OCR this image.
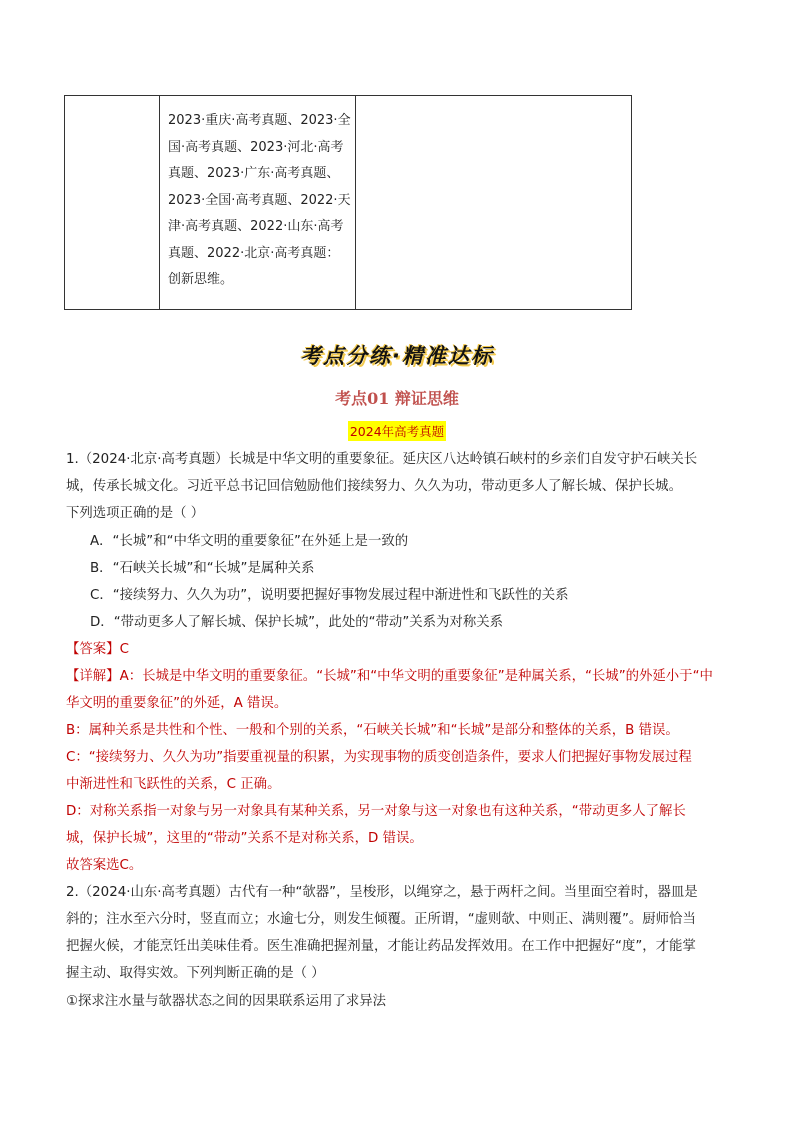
2023·重庆·高考真题、2023·全
国·高考真题、2023·河北·高考
真题、2023·广东·高考真题、
2023·全国·高考真题、2022·天
津·高考真题、2022·山东·高考
真题、2022·北京·高考真题：
创新思维。
考点分练·精准达标
考点01 辩证思维
2024年高考真题
1.（2024·北京·高考真题）长城是中华文明的重要象征。延庆区八达岭镇石峡村的乡亲们自发守护石峡关长
城，传承长城文化。习近平总书记回信勉励他们接续努力、久久为功，带动更多人了解长城、保护长城。
下列选项正确的是（ ）
A．“长城”和“中华文明的重要象征”在外延上是一致的
B．“石峡关长城”和“长城”是属种关系
C．“接续努力、久久为功”，说明要把握好事物发展过程中渐进性和飞跃性的关系
D．“带动更多人了解长城、保护长城”，此处的“带动”关系为对称关系
【答案】C
【详解】A：长城是中华文明的重要象征。“长城”和“中华文明的重要象征”是种属关系，“长城”的外延小于“中
华文明的重要象征”的外延，A 错误。
B：属种关系是共性和个性、一般和个别的关系，“石峡关长城”和“长城”是部分和整体的关系，B 错误。
C：“接续努力、久久为功”指要重视量的积累，为实现事物的质变创造条件，要求人们把握好事物发展过程
中渐进性和飞跃性的关系，C 正确。
D：对称关系指一对象与另一对象具有某种关系，另一对象与这一对象也有这种关系，“带动更多人了解长
城，保护长城”，这里的“带动”关系不是对称关系，D 错误。
故答案选C。
2.（2024·山东·高考真题）古代有一种“欹器”，呈梭形，以绳穿之，悬于两杆之间。当里面空着时，器皿是
斜的；注水至六分时，竖直而立；水逾七分，则发生倾覆。正所谓，“虚则欹、中则正、满则覆”。厨师恰当
把握火候，才能烹饪出美味佳肴。医生准确把握剂量，才能让药品发挥效用。在工作中把握好“度”，才能掌
握主动、取得实效。下列判断正确的是（ ）
①探求注水量与欹器状态之间的因果联系运用了求异法
